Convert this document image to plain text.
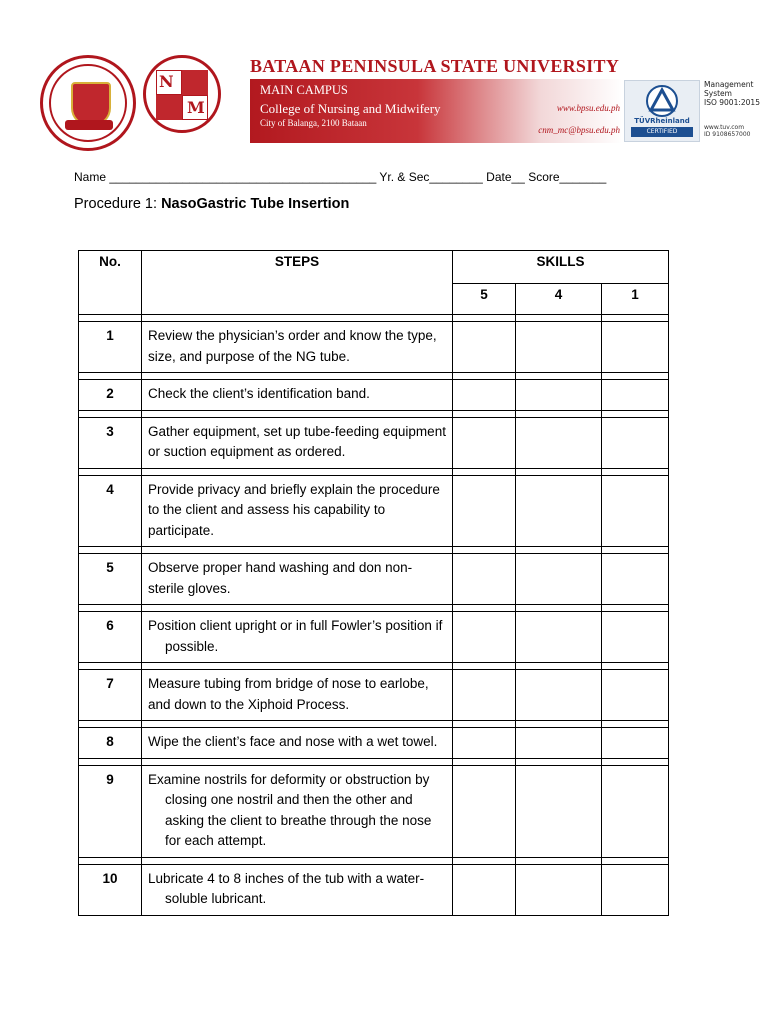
N
M
BATAAN PENINSULA STATE UNIVERSITY
MAIN CAMPUS
College of Nursing and Midwifery
City of Balanga, 2100 Bataan
www.bpsu.edu.ph
cnm_mc@bpsu.edu.ph
TÜVRheinland
CERTIFIED
Management
System
ISO 9001:2015
www.tuv.com
ID 9108657000
Name ________________________________________ Yr. & Sec________ Date__ Score_______
Procedure 1: NasoGastric Tube Insertion
No.	STEPS	SKILLS		
		5	4	1

1	Review the physician’s order and know the type, size, and purpose of the NG tube.			

2	Check the client’s identification band.			

3	Gather equipment, set up tube-feeding equipment or suction equipment as ordered.			

4	Provide privacy and briefly explain the procedure to the client and assess his capability to participate.			

5	Observe proper hand washing and don non-sterile gloves.			

6	Position client upright or in full Fowler’s position if possible.			

7	Measure tubing from bridge of nose to earlobe, and down to the Xiphoid Process.			

8	Wipe the client’s face and nose with a wet towel.			

9	Examine nostrils for deformity or obstruction by closing one nostril and then the other and asking the client to breathe through the nose for each attempt.			

10	Lubricate 4 to 8 inches of the tub with a water-soluble lubricant.			
